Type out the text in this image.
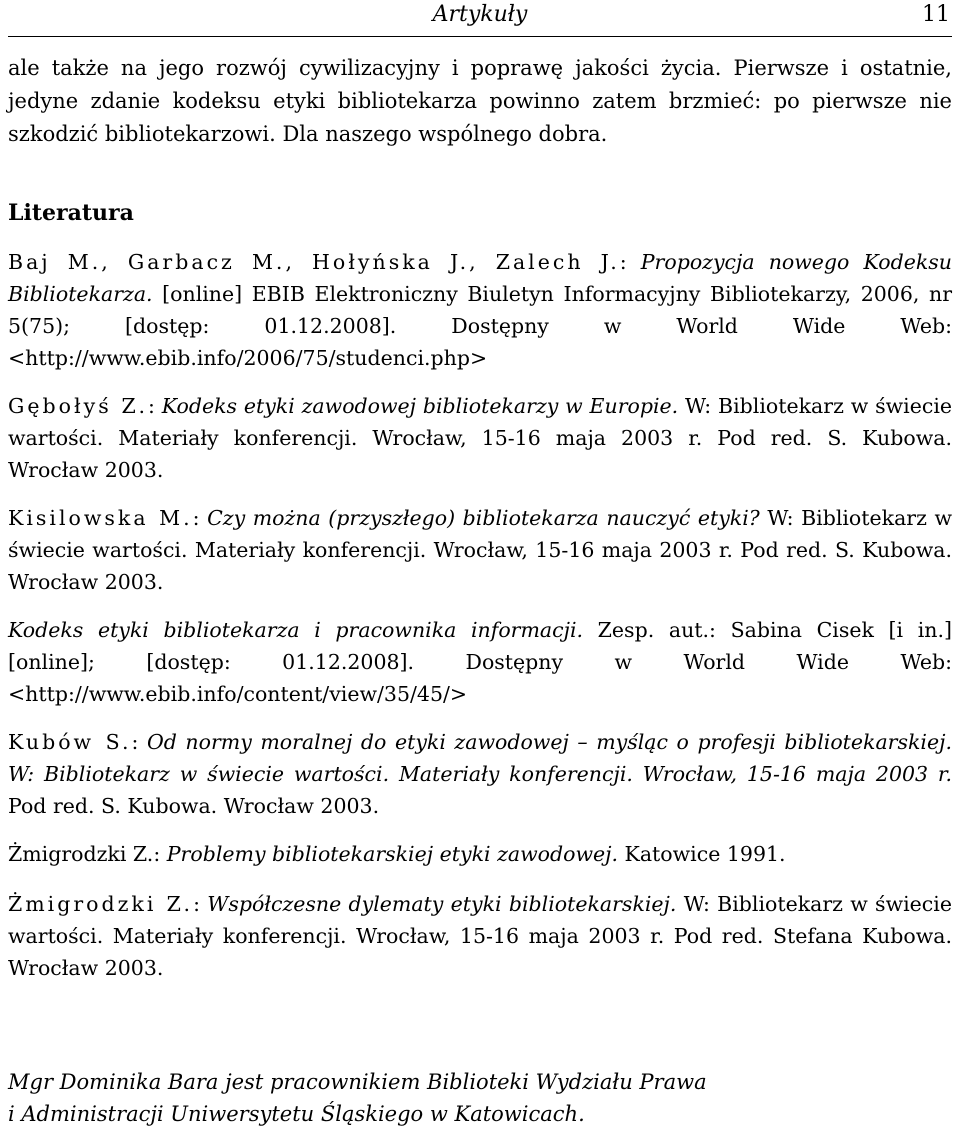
Artykuły	11

ale także na jego rozwój cywilizacyjny i poprawę jakości życia. Pierwsze i ostatnie, jedyne zdanie kodeksu etyki bibliotekarza powinno zatem brzmieć: po pierwsze nie szkodzić bibliotekarzowi. Dla naszego wspólnego dobra.

Literatura

Baj M., Garbacz M., Hołyńska J., Zalech J.: Propozycja nowego Kodeksu Bibliotekarza. [online] EBIB Elektroniczny Biuletyn Informacyjny Bibliotekarzy, 2006, nr 5(75); [dostęp: 01.12.2008]. Dostępny w World Wide Web: <http://www.ebib.info/2006/75/studenci.php>

Gębołyś Z.: Kodeks etyki zawodowej bibliotekarzy w Europie. W: Bibliotekarz w świecie wartości. Materiały konferencji. Wrocław, 15-16 maja 2003 r. Pod red. S. Kubowa. Wrocław 2003.

Kisilowska M.: Czy można (przyszłego) bibliotekarza nauczyć etyki? W: Bibliotekarz w świecie wartości. Materiały konferencji. Wrocław, 15-16 maja 2003 r. Pod red. S. Kubowa. Wrocław 2003.

Kodeks etyki bibliotekarza i pracownika informacji. Zesp. aut.: Sabina Cisek [i in.] [online]; [dostęp: 01.12.2008]. Dostępny w World Wide Web: <http://www.ebib.info/content/view/35/45/>

Kubów S.: Od normy moralnej do etyki zawodowej – myśląc o profesji bibliotekarskiej. W: Bibliotekarz w świecie wartości. Materiały konferencji. Wrocław, 15-16 maja 2003 r. Pod red. S. Kubowa. Wrocław 2003.

Żmigrodzki Z.: Problemy bibliotekarskiej etyki zawodowej. Katowice 1991.

Żmigrodzki Z.: Współczesne dylematy etyki bibliotekarskiej. W: Bibliotekarz w świecie wartości. Materiały konferencji. Wrocław, 15-16 maja 2003 r. Pod red. Stefana Kubowa. Wrocław 2003.

Mgr Dominika Bara jest pracownikiem Biblioteki Wydziału Prawa
i Administracji Uniwersytetu Śląskiego w Katowicach.
